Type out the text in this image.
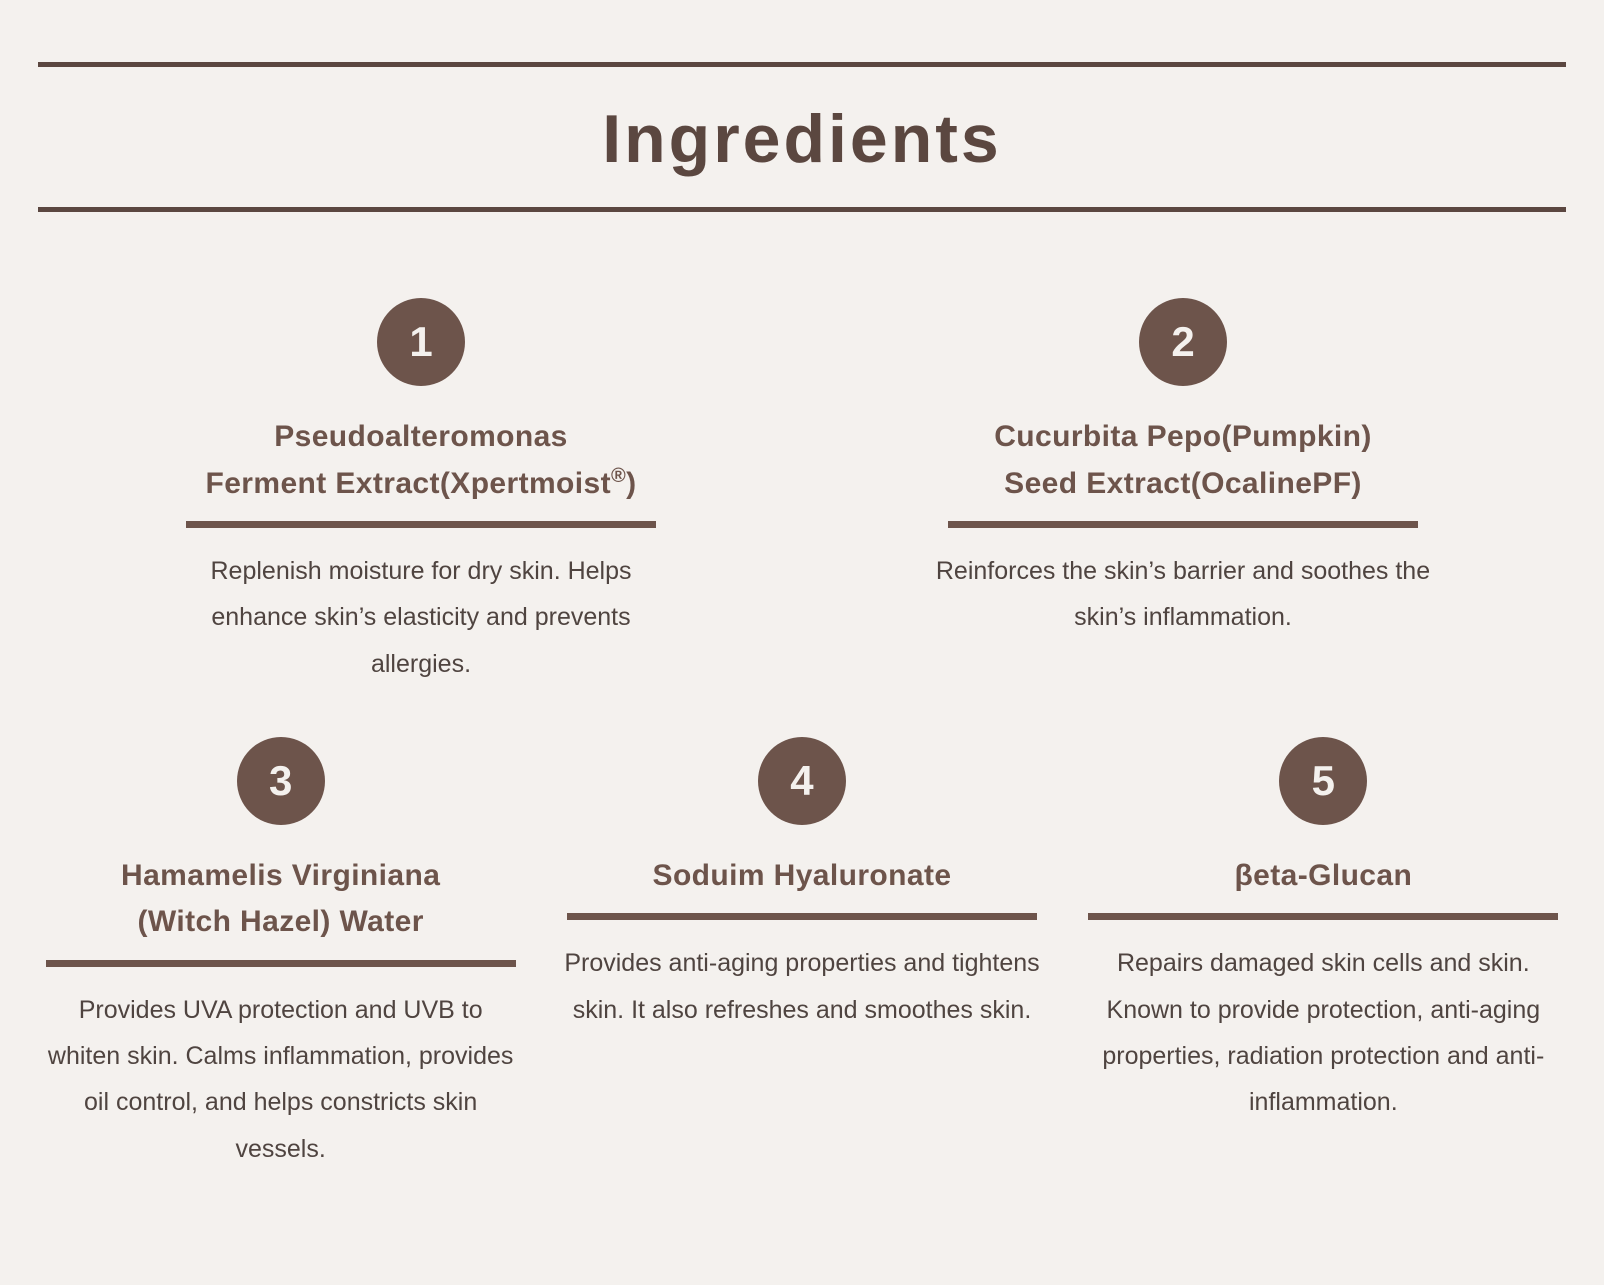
Ingredients
1
Pseudoalteromonas
Ferment Extract(Xpertmoist®)
Replenish moisture for dry skin. Helps enhance skin’s elasticity and prevents allergies.
2
Cucurbita Pepo(Pumpkin)
Seed Extract(OcalinePF)
Reinforces the skin’s barrier and soothes the skin’s inflammation.
3
Hamamelis Virginiana
(Witch Hazel) Water
Provides UVA protection and UVB to whiten skin. Calms inflammation, provides oil control, and helps constricts skin vessels.
4
Soduim Hyaluronate
Provides anti-aging properties and tightens skin. It also refreshes and smoothes skin.
5
βeta-Glucan
Repairs damaged skin cells and skin. Known to provide protection, anti-aging properties, radiation protection and anti-inflammation.
